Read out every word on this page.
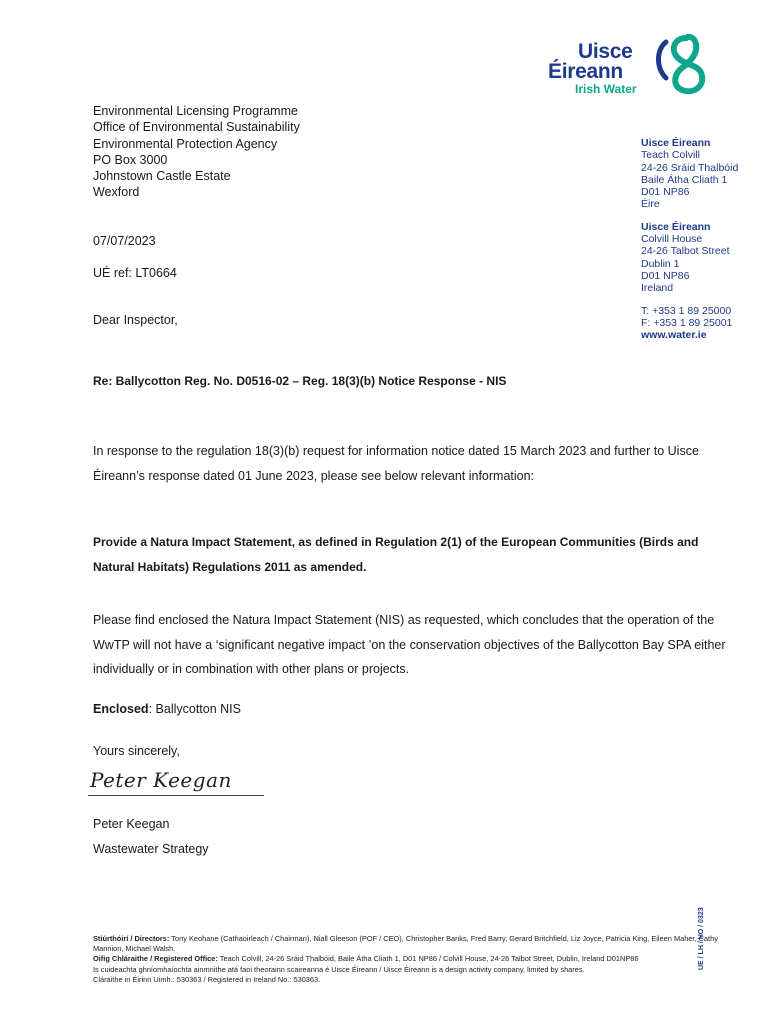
Uisce
Éireann
Irish Water
Environmental Licensing Programme
Office of Environmental Sustainability
Environmental Protection Agency
PO Box 3000
Johnstown Castle Estate
Wexford
Uisce Éireann
Teach Colvill
24-26 Sráid Thalbóid
Baile Átha Cliath 1
D01 NP86
Éire
Uisce Éireann
Colvill House
24-26 Talbot Street
Dublin 1
D01 NP86
Ireland
T: +353 1 89 25000
F: +353 1 89 25001
www.water.ie
07/07/2023
UÉ ref: LT0664
Dear Inspector,
Re: Ballycotton Reg. No. D0516-02 – Reg. 18(3)(b) Notice Response - NIS
In response to the regulation 18(3)(b) request for information notice dated 15 March 2023 and further to Uisce Éireann’s response dated 01 June 2023, please see below relevant information:
Provide a Natura Impact Statement, as defined in Regulation 2(1) of the European Communities (Birds and Natural Habitats) Regulations 2011 as amended.
Please find enclosed the Natura Impact Statement (NIS) as requested, which concludes that the operation of the WwTP will not have a ‘significant negative impact ’on the conservation objectives of the Ballycotton Bay SPA either individually or in combination with other plans or projects.
Enclosed: Ballycotton NIS
Yours sincerely,
Peter Keegan
Peter Keegan
Wastewater Strategy
Stiúrthóirí / Directors: Tony Keohane (Cathaoirleach / Chairman), Niall Gleeson (POF / CEO), Christopher Banks, Fred Barry, Gerard Britchfield, Liz Joyce, Patricia King, Eileen Maher, Cathy Mannion, Michael Walsh.
Oifig Chláraithe / Registered Office: Teach Colvill, 24-26 Sráid Thalbóid, Baile Átha Cliath 1, D01 NP86 / Colvill House, 24-26 Talbot Street, Dublin, Ireland D01NP86
Is cuideachta ghníomhaíochta ainmnithe atá faoi theorainn scaireanna é Uisce Éireann / Uisce Éireann is a design activity company, limited by shares.
Cláraithe in Éirinn Uimh.: 530363 / Registered in Ireland No.: 530363.
UE / LH / HO / 0323
